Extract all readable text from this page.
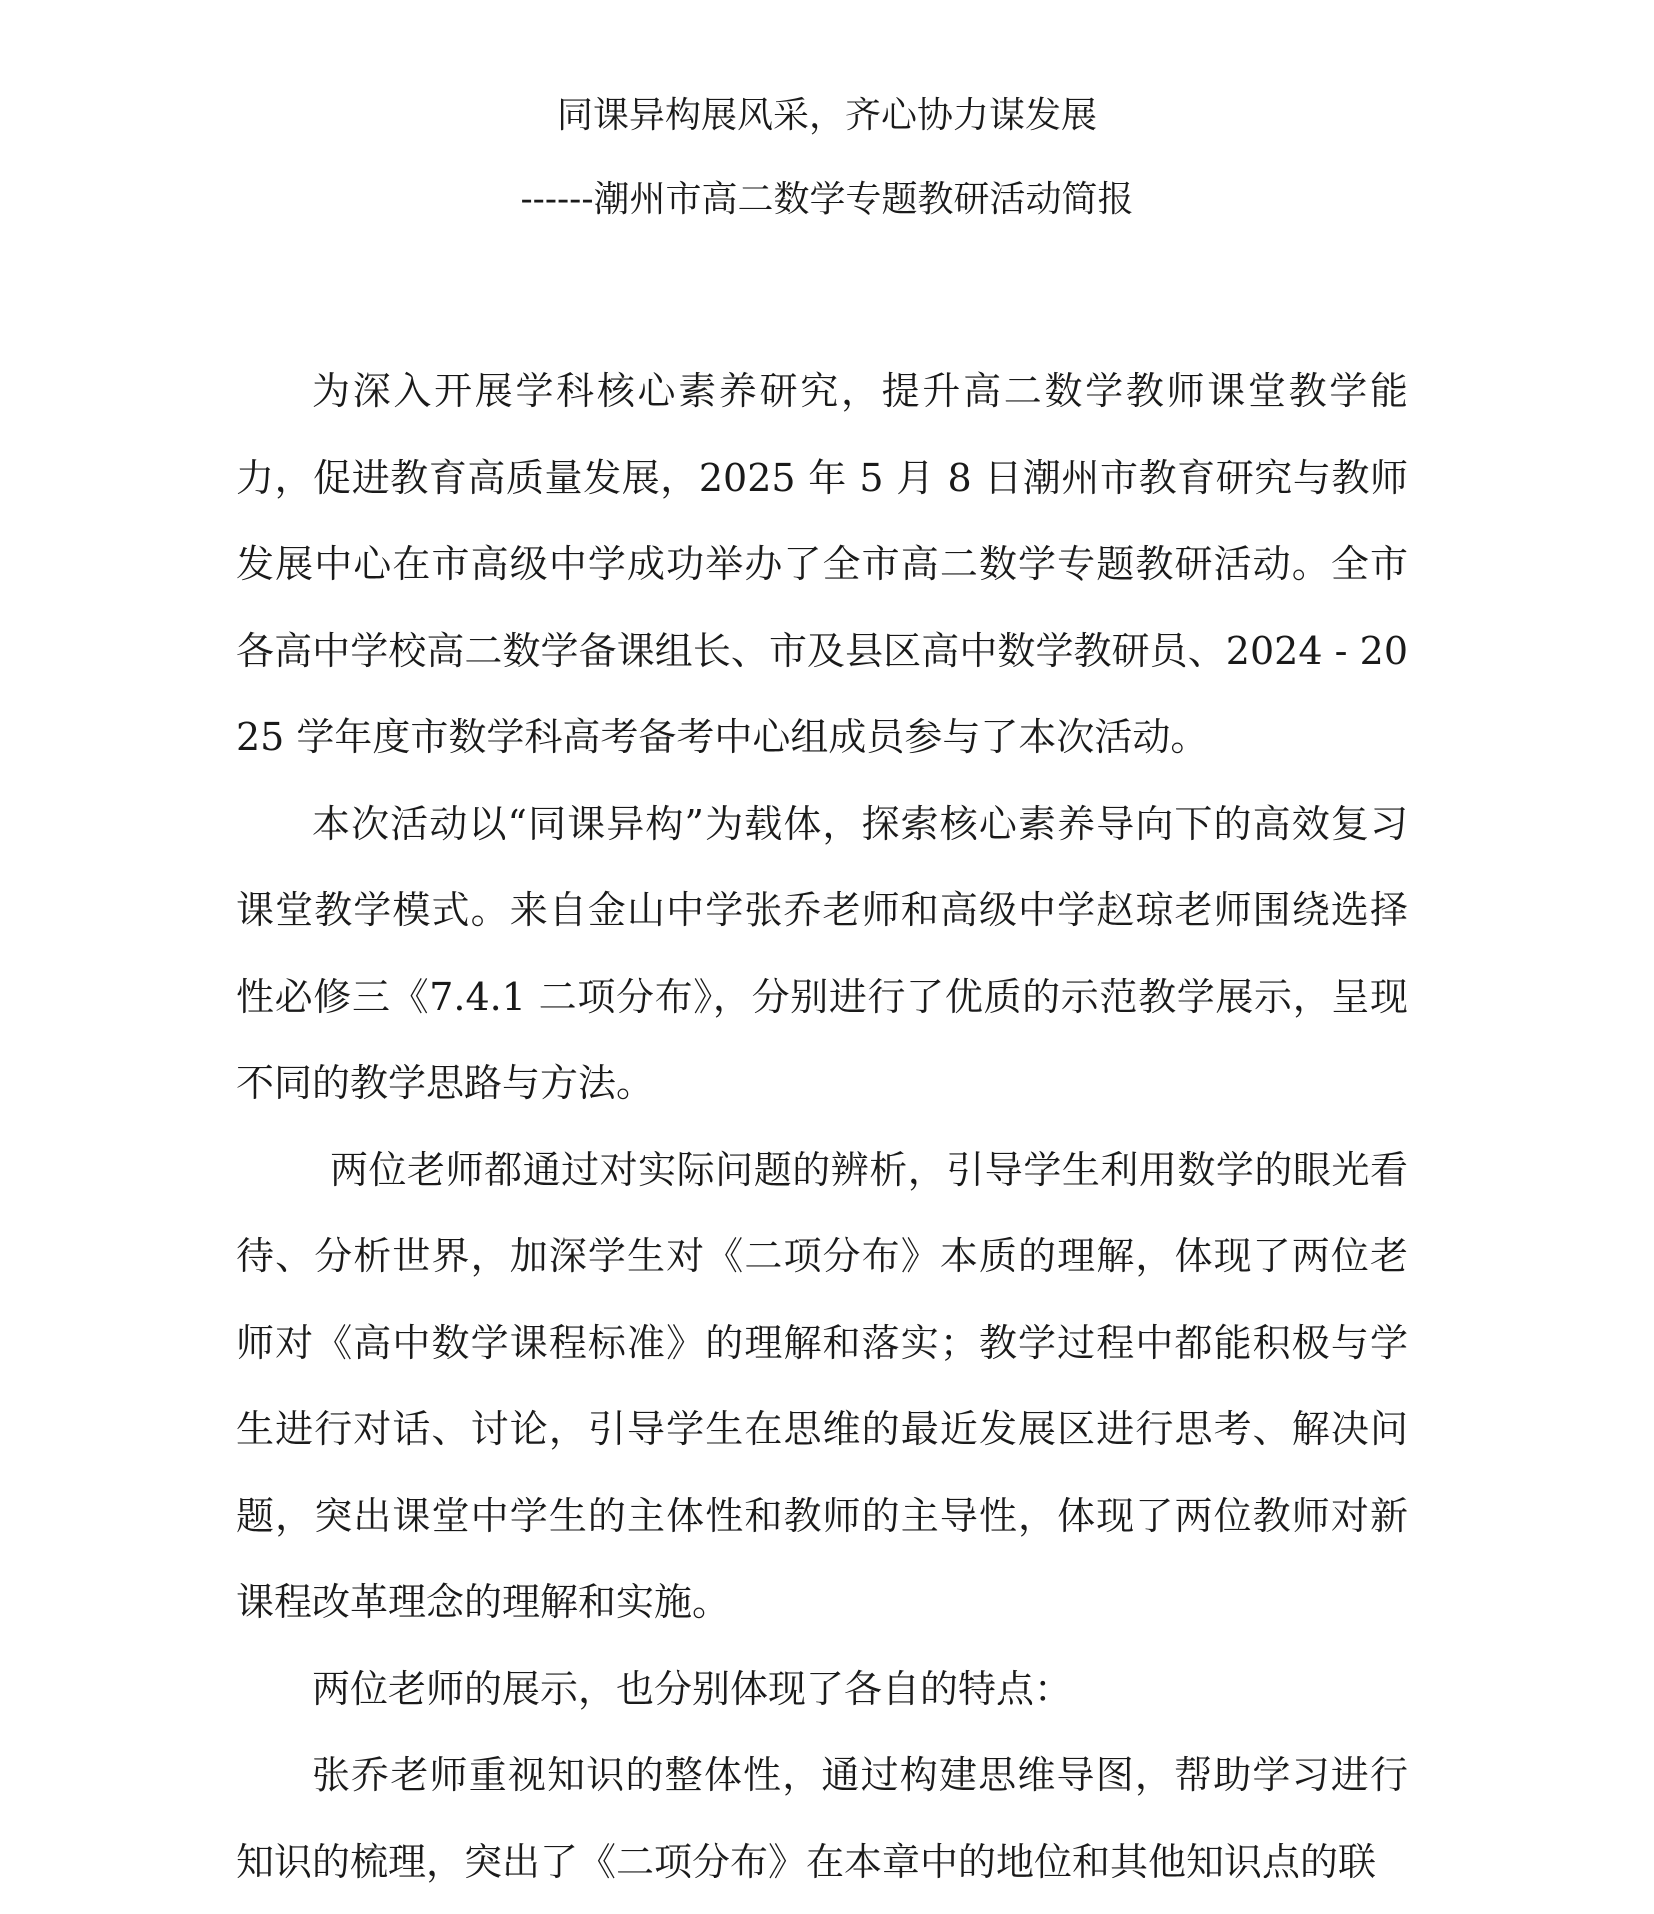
同课异构展风采，齐心协力谋发展
------潮州市高二数学专题教研活动简报

为深入开展学科核心素养研究，提升高二数学教师课堂教学能力，促进教育高质量发展，2025 年 5 月 8 日潮州市教育研究与教师发展中心在市高级中学成功举办了全市高二数学专题教研活动。全市各高中学校高二数学备课组长、市及县区高中数学教研员、2024 - 2025 学年度市数学科高考备考中心组成员参与了本次活动。

本次活动以“同课异构”为载体，探索核心素养导向下的高效复习课堂教学模式。来自金山中学张乔老师和高级中学赵琼老师围绕选择性必修三《7.4.1 二项分布》，分别进行了优质的示范教学展示，呈现不同的教学思路与方法。

两位老师都通过对实际问题的辨析，引导学生利用数学的眼光看待、分析世界，加深学生对《二项分布》本质的理解，体现了两位老师对《高中数学课程标准》的理解和落实；教学过程中都能积极与学生进行对话、讨论，引导学生在思维的最近发展区进行思考、解决问题，突出课堂中学生的主体性和教师的主导性，体现了两位教师对新课程改革理念的理解和实施。

两位老师的展示，也分别体现了各自的特点：

张乔老师重视知识的整体性，通过构建思维导图，帮助学习进行知识的梳理，突出了《二项分布》在本章中的地位和其他知识点的联
